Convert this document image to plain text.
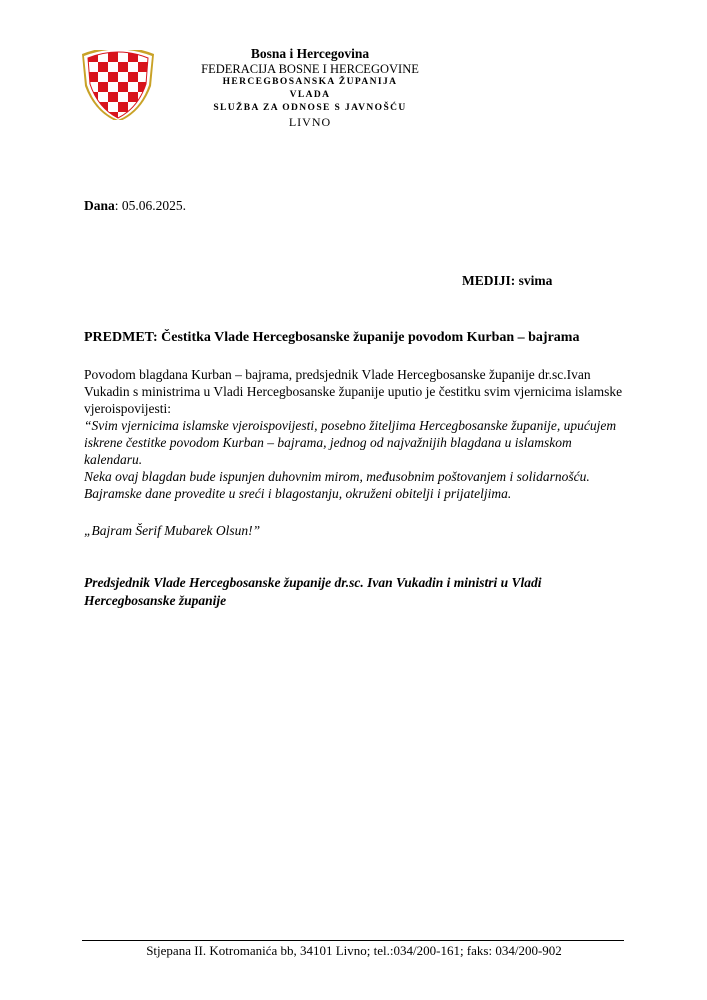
Bosna i Hercegovina
FEDERACIJA BOSNE I HERCEGOVINE
HERCEGBOSANSKA ŽUPANIJA
VLADA
SLUŽBA ZA ODNOSE S JAVNOŠĆU
LIVNO
Dana: 05.06.2025.
MEDIJI: svima
PREDMET: Čestitka Vlade Hercegbosanske županije povodom Kurban – bajrama

Povodom blagdana Kurban – bajrama, predsjednik Vlade Hercegbosanske županije dr.sc.Ivan Vukadin s ministrima u Vladi Hercegbosanske županije uputio je čestitku svim vjernicima islamske vjeroispovijesti:

“Svim vjernicima islamske vjeroispovijesti, posebno žiteljima Hercegbosanske županije, upućujem iskrene čestitke povodom Kurban – bajrama, jednog od najvažnijih blagdana u islamskom kalendaru.

Neka ovaj blagdan bude ispunjen duhovnim mirom, međusobnim poštovanjem i solidarnošću. Bajramske dane provedite u sreći i blagostanju, okruženi obitelji i prijateljima.

„Bajram Šerif Mubarek Olsun!”

Predsjednik Vlade Hercegbosanske županije dr.sc. Ivan Vukadin i ministri u Vladi Hercegbosanske županije
Stjepana II. Kotromanića bb, 34101 Livno; tel.:034/200-161; faks: 034/200-902
